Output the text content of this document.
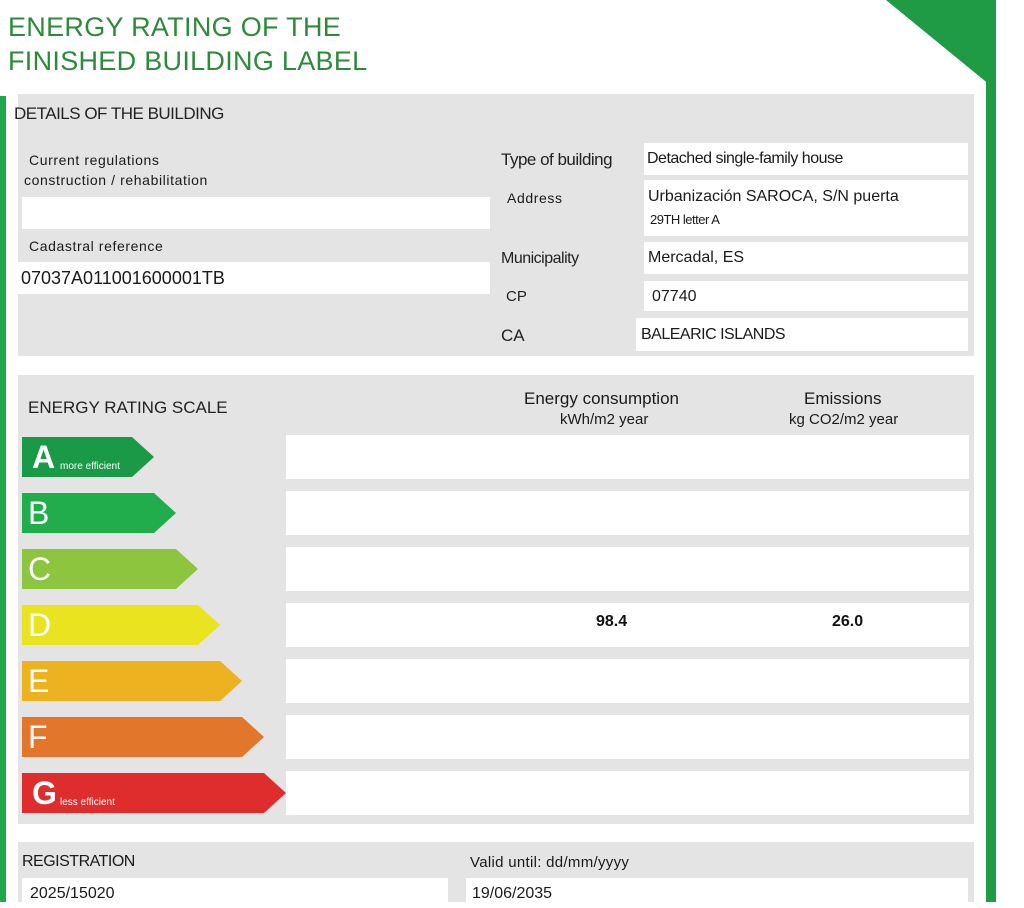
ENERGY RATING OF THE
FINISHED BUILDING LABEL
DETAILS OF THE BUILDING
Current regulations
construction / rehabilitation
Cadastral reference
07037A011001600001TB
Type of building Detached single-family house
Address	Urbanización SAROCA, S/N puerta
29TH letter A
Municipality	Mercadal, ES
CP	07740
CA	BALEARIC ISLANDS
ENERGY RATING SCALE	Energy consumption
kWh/m2 year
Emissions
kg CO2/m2 year
A more efficient
B
C
D	98.4	26.0
E
F
G less efficient
REGISTRATION
2025/15020
Valid until: dd/mm/yyyy
19/06/2035
